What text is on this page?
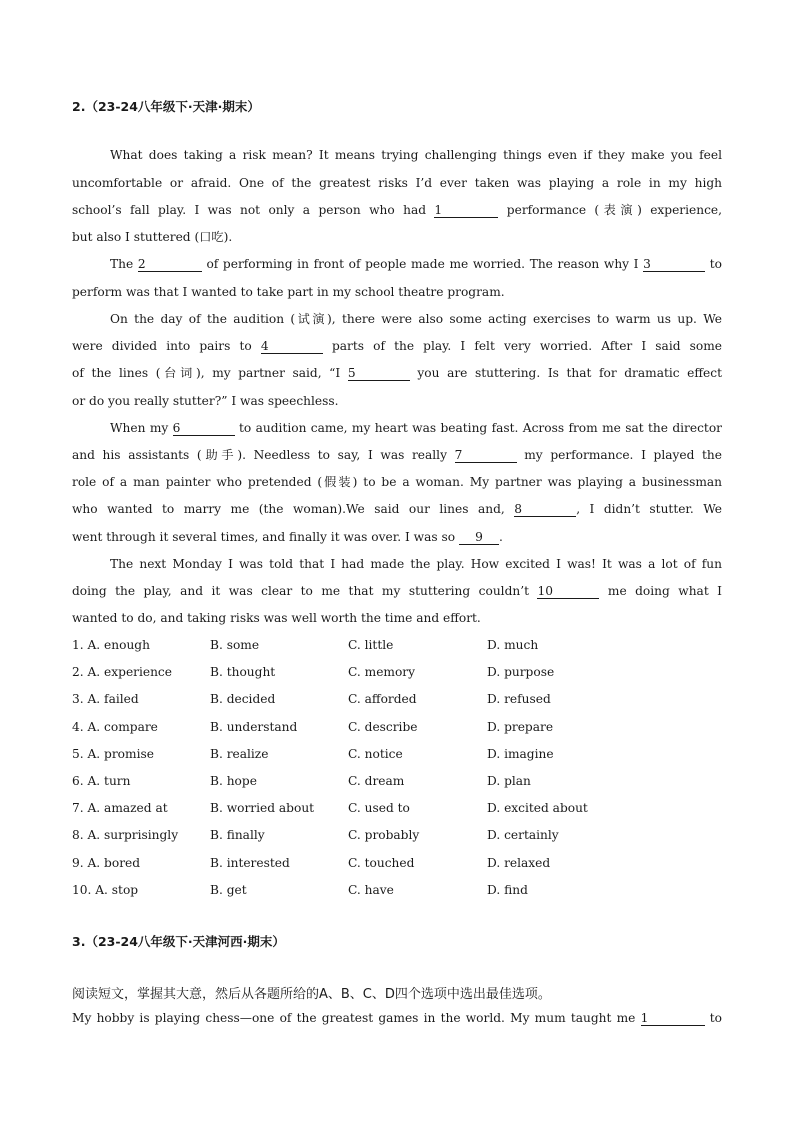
2.（23-24八年级下·天津·期末）
What does taking a risk mean? It means trying challenging things even if they make you feel
uncomfortable or afraid. One of the greatest risks I’d ever taken was playing a role in my high
school’s fall play. I was not only a person who had 1	performance (表演) experience,
but also I stuttered (口吃).
The 2	of performing in front of people made me worried. The reason why I 3	to
perform was that I wanted to take part in my school theatre program.
On the day of the audition (试演), there were also some acting exercises to warm us up. We
were divided into pairs to 4	parts of the play. I felt very worried. After I said some
of the lines (台词), my partner said, “I 5	you are stuttering. Is that for dramatic effect
or do you really stutter?” I was speechless.
When my 6	to audition came, my heart was beating fast. Across from me sat the director
and his assistants (助手). Needless to say, I was really 7	my performance. I played the
role of a man painter who pretended (假装) to be a woman. My partner was playing a businessman
who wanted to marry me (the woman).We said our lines and, 8	, I didn’t stutter. We
went through it several times, and finally it was over. I was so 9 .
The next Monday I was told that I had made the play. How excited I was! It was a lot of fun
doing the play, and it was clear to me that my stuttering couldn’t 10	me doing what I
wanted to do, and taking risks was well worth the time and effort.
1. A. enough	B. some	C. little	D. much
2. A. experience	B. thought	C. memory	D. purpose
3. A. failed	B. decided	C. afforded	D. refused
4. A. compare	B. understand	C. describe	D. prepare
5. A. promise	B. realize	C. notice	D. imagine
6. A. turn	B. hope	C. dream	D. plan
7. A. amazed at	B. worried about	C. used to	D. excited about
8. A. surprisingly	B. finally	C. probably	D. certainly
9. A. bored	B. interested	C. touched	D. relaxed
10. A. stop	B. get	C. have	D. find
3.（23-24八年级下·天津河西·期末）
阅读短文，掌握其大意，然后从各题所给的A、B、C、D四个选项中选出最佳选项。
My hobby is playing chess—one of the greatest games in the world. My mum taught me 1	to
